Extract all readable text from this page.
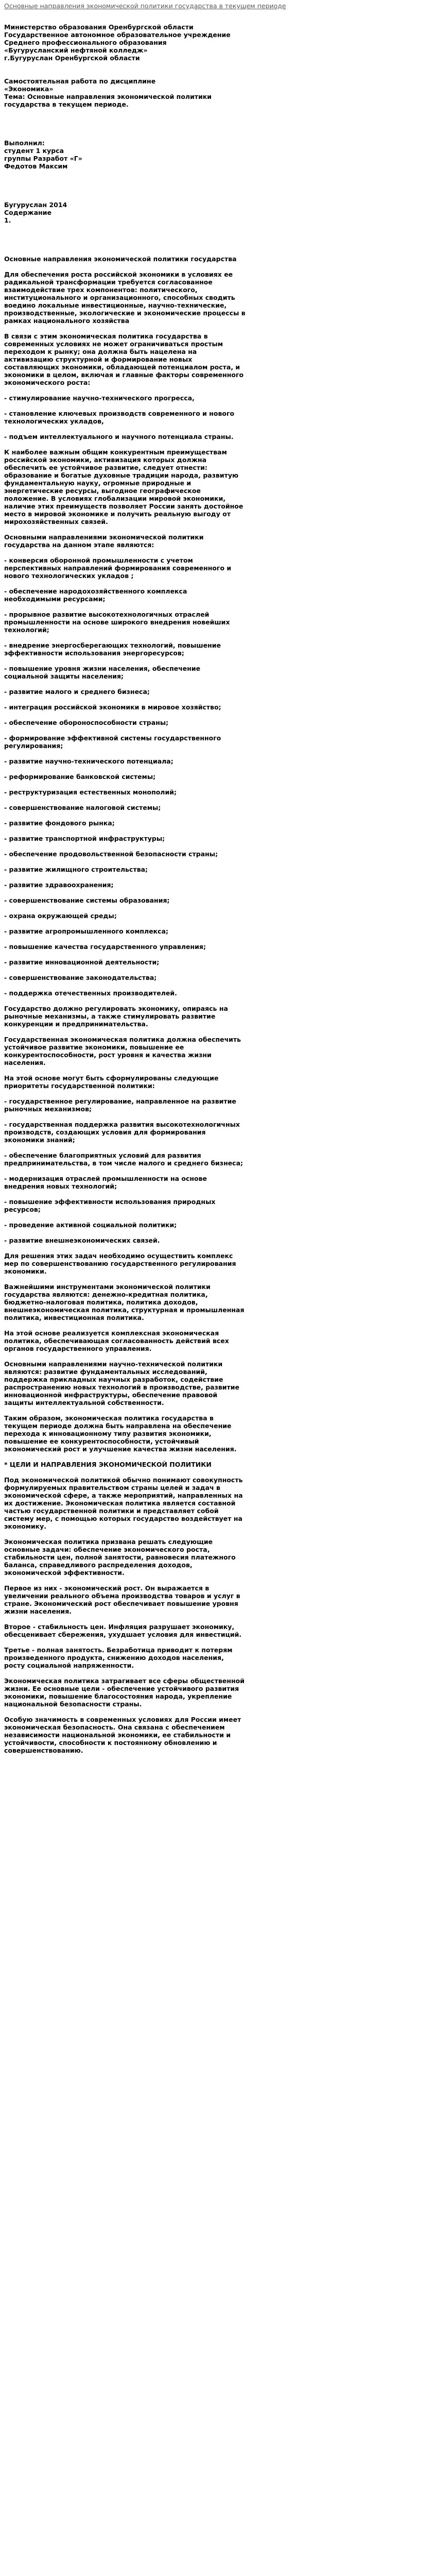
Основные направления экономической политики государства в текущем периоде
Министерство образования Оренбургской области
Государственное автономное образовательное учреждение
Среднего профессионального образования
«Бугурусланский нефтяной колледж»
г.Бугуруслан Оренбургской области
Самостоятельная работа по дисциплине
«Экономика»
Тема: Основные направления экономической политики государства в текущем периоде.
Выполнил:
студент 1 курса
группы Разработ «Г»
Федотов Максим
Бугуруслан 2014
Содержание
1.
Основные направления экономической политики государства
Для обеспечения роста российской экономики в условиях ее радикальной трансформации требуется согласованное взаимодействие трех компонентов: политического, институционального и организационного, способных сводить воедино локальные инвестиционные, научно-технические, производственные, экологические и экономические процессы в рамках национального хозяйства
В связи с этим экономическая политика государства в современных условиях не может ограничиваться простым переходом к рынку; она должна быть нацелена на активизацию структурной и формирование новых составляющих экономики, обладающей потенциалом роста, и экономики в целом, включая и главные факторы современного экономического роста:
- стимулирование научно-технического прогресса,
- становление ключевых производств современного и нового технологических укладов,
- подъем интеллектуального и научного потенциала страны.
К наиболее важным общим конкурентным преимуществам российской экономики, активизация которых должна обеспечить ее устойчивое развитие, следует отнести: образование и богатые духовные традиции народа, развитую фундаментальную науку, огромные природные и энергетические ресурсы, выгодное географическое положение. В условиях глобализации мировой экономики, наличие этих преимуществ позволяет России занять достойное место в мировой экономике и получить реальную выгоду от мирохозяйственных связей.
Основными направлениями экономической политики государства на данном этапе являются:
- конверсия оборонной промышленности с учетом перспективных направлений формирования современного и нового технологических укладов ;
- обеспечение народохозяйственного комплекса необходимыми ресурсами;
- прорывное развитие высокотехнологичных отраслей промышленности на основе широкого внедрения новейших технологий;
- внедрение энергосберегающих технологий, повышение эффективности использования энергоресурсов;
- повышение уровня жизни населения, обеспечение социальной защиты населения;
- развитие малого и среднего бизнеса;
- интеграция российской экономики в мировое хозяйство;
- обеспечение обороноспособности страны;
- формирование эффективной системы государственного регулирования;
- развитие научно-технического потенциала;
- реформирование банковской системы;
- реструктуризация естественных монополий;
- совершенствование налоговой системы;
- развитие фондового рынка;
- развитие транспортной инфраструктуры;
- обеспечение продовольственной безопасности страны;
- развитие жилищного строительства;
- развитие здравоохранения;
- совершенствование системы образования;
- охрана окружающей среды;
- развитие агропромышленного комплекса;
- повышение качества государственного управления;
- развитие инновационной деятельности;
- совершенствование законодательства;
- поддержка отечественных производителей.
Государство должно регулировать экономику, опираясь на рыночные механизмы, а также стимулировать развитие конкуренции и предпринимательства.
Государственная экономическая политика должна обеспечить устойчивое развитие экономики, повышение ее конкурентоспособности, рост уровня и качества жизни населения.
На этой основе могут быть сформулированы следующие приоритеты государственной политики:
- государственное регулирование, направленное на развитие рыночных механизмов;
- государственная поддержка развития высокотехнологичных производств, создающих условия для формирования экономики знаний;
- обеспечение благоприятных условий для развития предпринимательства, в том числе малого и среднего бизнеса;
- модернизация отраслей промышленности на основе внедрения новых технологий;
- повышение эффективности использования природных ресурсов;
- проведение активной социальной политики;
- развитие внешнеэкономических связей.
Для решения этих задач необходимо осуществить комплекс мер по совершенствованию государственного регулирования экономики.
Важнейшими инструментами экономической политики государства являются: денежно-кредитная политика, бюджетно-налоговая политика, политика доходов, внешнеэкономическая политика, структурная и промышленная политика, инвестиционная политика.
На этой основе реализуется комплексная экономическая политика, обеспечивающая согласованность действий всех органов государственного управления.
Основными направлениями научно-технической политики являются: развитие фундаментальных исследований, поддержка прикладных научных разработок, содействие распространению новых технологий в производстве, развитие инновационной инфраструктуры, обеспечение правовой защиты интеллектуальной собственности.
Таким образом, экономическая политика государства в текущем периоде должна быть направлена на обеспечение перехода к инновационному типу развития экономики, повышение ее конкурентоспособности, устойчивый экономический рост и улучшение качества жизни населения.
* ЦЕЛИ И НАПРАВЛЕНИЯ ЭКОНОМИЧЕСКОЙ ПОЛИТИКИ
Под экономической политикой обычно понимают совокупность формулируемых правительством страны целей и задач в экономической сфере, а также мероприятий, направленных на их достижение. Экономическая политика является составной частью государственной политики и представляет собой систему мер, с помощью которых государство воздействует на экономику.
Экономическая политика призвана решать следующие основные задачи: обеспечение экономического роста, стабильности цен, полной занятости, равновесия платежного баланса, справедливого распределения доходов, экономической эффективности.
Первое из них - экономический рост. Он выражается в увеличении реального объема производства товаров и услуг в стране. Экономический рост обеспечивает повышение уровня жизни населения.
Второе - стабильность цен. Инфляция разрушает экономику, обесценивает сбережения, ухудшает условия для инвестиций.
Третье - полная занятость. Безработица приводит к потерям произведенного продукта, снижению доходов населения, росту социальной напряженности.
Экономическая политика затрагивает все сферы общественной жизни. Ее основные цели - обеспечение устойчивого развития экономики, повышение благосостояния народа, укрепление национальной безопасности страны.
Особую значимость в современных условиях для России имеет экономическая безопасность. Она связана с обеспечением независимости национальной экономики, ее стабильности и устойчивости, способности к постоянному обновлению и совершенствованию.
